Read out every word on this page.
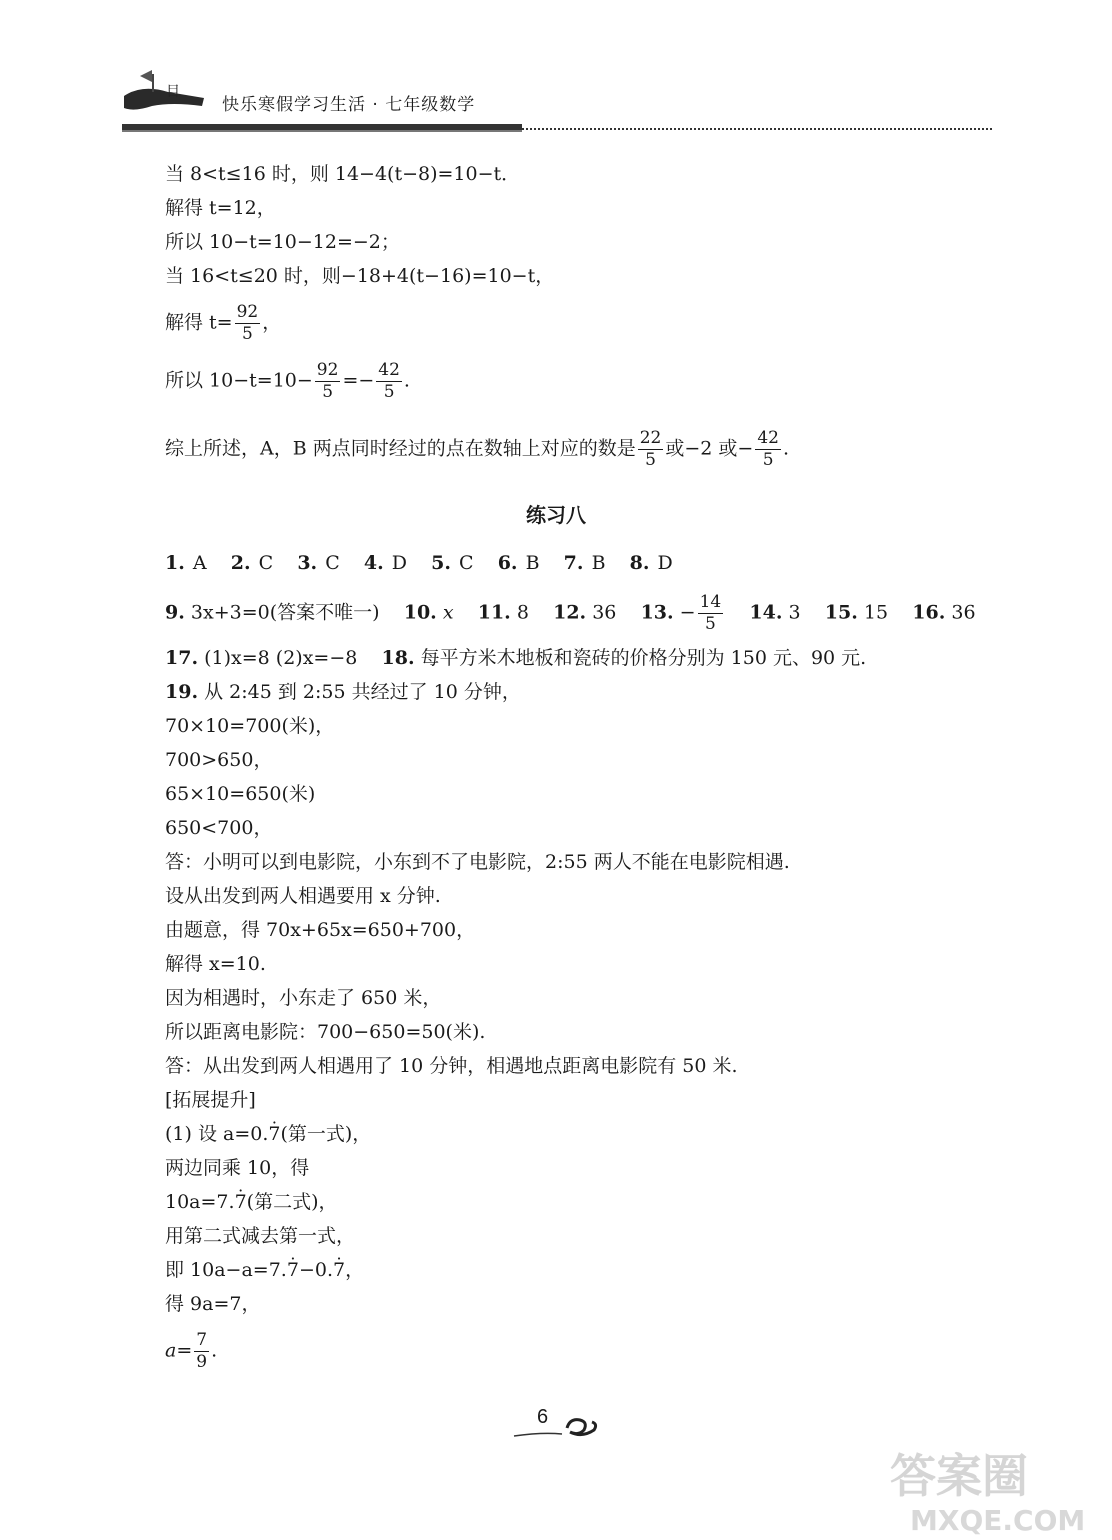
目
快乐寒假学习生活 · 七年级数学
当 8<t≤16 时，则 14−4(t−8)=10−t．
解得 t=12，
所以 10−t=10−12=−2；
当 16<t≤20 时，则−18+4(t−16)=10−t，
解得 $t= \frac{92}{5}$ ，
所以 $10-t=10- \frac{92}{5} =- \frac{42}{5}$ .
综上所述，A，B 两点同时经过的点在数轴上对应的数是 $\frac{22}{5}$ 或−2 或− $\frac{42}{5}$ .
练习八
1. A 2. C 3. C 4. D 5. C 6. B 7. B 8. D
9. 3x+3=0(答案不唯一) 10. x 11. 8 12. 36 13. − $\frac{14}{5} 14$. 3 15. 15 16. 36
17. (1)x=8 (2)x=−8 18. 每平方米木地板和瓷砖的价格分别为 150 元、90 元.
19. 从 2:45 到 2:55 共经过了 10 分钟，
70×10=700(米)，
700>650，
65×10=650(米)
650<700，
答：小明可以到电影院，小东到不了电影院，2:55 两人不能在电影院相遇.
设从出发到两人相遇要用 x 分钟.
由题意，得 70x+65x=650+700，
解得 x=10.
因为相遇时，小东走了 650 米，
所以距离电影院：700−650=50(米).
答：从出发到两人相遇用了 10 分钟，相遇地点距离电影院有 50 米.
[拓展提升]
(1) 设 a=0.· 7(第一式)，
两边同乘 10，得
10a=7.· 7(第二式)，
用第二式减去第一式，
即 10a−a=7.· 7−0.· 7，
得 9a=7，
$a= \frac{7}{9}$ .
6
答案圈
MXQE.COM
